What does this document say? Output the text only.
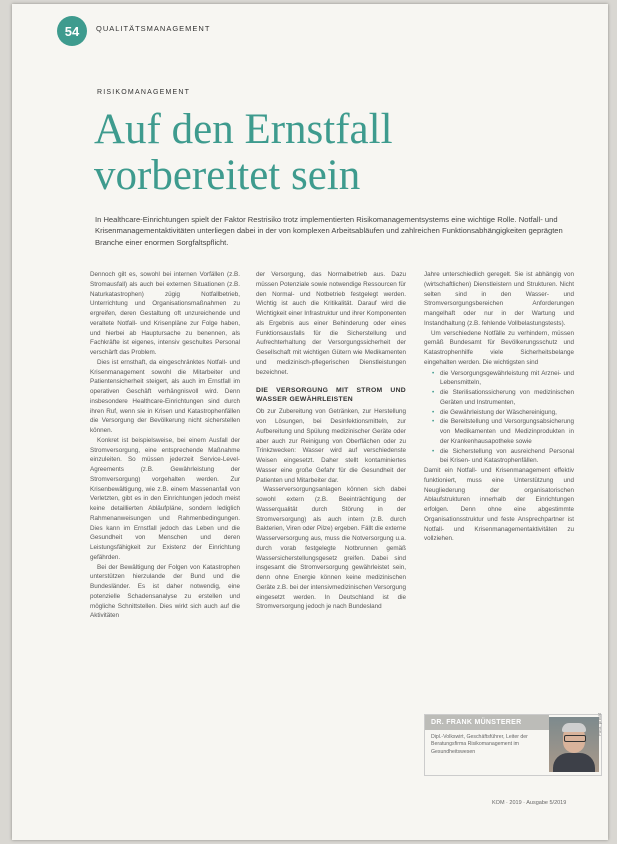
54	QUALITÄTSMANAGEMENT
RISIKOMANAGEMENT
Auf den Ernstfall
vorbereitet sein
In Healthcare-Einrichtungen spielt der Faktor Restrisiko trotz implementierten Risikomanagementsystems eine wichtige Rolle. Notfall- und Krisenmanagementaktivitäten unterliegen dabei in der von komplexen Arbeitsabläufen und zahlreichen Funktionsabhängigkeiten geprägten Branche einer enormen Sorgfaltspflicht.

Dennoch gilt es, sowohl bei internen Vorfällen (z.B. Stromausfall) als auch bei externen Situationen (z.B. Naturkatastrophen) zügig Notfallbetrieb, Unterrichtung und Organisationsmaßnahmen zu ergreifen, deren Gestaltung oft unzureichende und veraltete Notfall- und Krisenpläne zur Folge haben, und hierbei ab Hauptursache zu benennen, als Fachkräfte ist eigenes, intensiv geschultes Personal verschärft das Problem.

Dies ist ernsthaft, da eingeschränktes Notfall- und Krisenmanagement sowohl die Mitarbeiter und Patientensicherheit steigert, als auch im Ernstfall im operativen Geschäft verhängnisvoll wird. Denn insbesondere Healthcare-Einrichtungen sind durch ihren Ruf, wenn sie in Krisen und Katastrophenfällen die Versorgung der Bevölkerung nicht sicherstellen können.

Konkret ist beispielsweise, bei einem Ausfall der Stromversorgung, eine entsprechende Maßnahme einzuleiten. So müssen jederzeit Service-Level-Agreements (z.B. Gewährleistung der Stromversorgung) vorgehalten werden. Zur Krisenbewältigung, wie z.B. einem Massenanfall von Verletzten, gibt es in den Einrichtungen jedoch meist keine detaillierten Abläufpläne, sondern lediglich Rahmenanweisungen und Rahmenbedingungen. Dies kann im Ernstfall jedoch das Leben und die Gesundheit von Menschen und deren Leistungsfähigkeit zur Existenz der Einrichtung gefährden.

Bei der Bewältigung der Folgen von Katastrophen unterstützen hierzulande der Bund und die Bundesländer. Es ist daher notwendig, eine potenzielle Schadensanalyse zu erstellen und mögliche Schnittstellen. Dies wirkt sich auch auf die Aktivitäten

der Versorgung, das Normalbetrieb aus. Dazu müssen Potenziale sowie notwendige Ressourcen für den Normal- und Notbetrieb festgelegt werden. Wichtig ist auch die Kritikalität. Darauf wird die Wichtigkeit einer Infrastruktur und ihrer Komponenten als Ergebnis aus einer Behinderung oder eines Funktionsausfalls für die Sicherstellung und Aufrechterhaltung der Versorgungssicherheit der Gesellschaft mit wichtigen Gütern wie Medikamenten und medizinisch-pflegerischen Dienstleistungen bezeichnet.

DIE VERSORGUNG MIT STROM UND WASSER GEWÄHRLEISTEN

Ob zur Zubereitung von Getränken, zur Herstellung von Lösungen, bei Desinfektionsmitteln, zur Aufbereitung und Spülung medizinischer Geräte oder aber auch zur Reinigung von Oberflächen oder zu Trinkzwecken: Wasser wird auf verschiedenste Weisen eingesetzt. Daher stellt kontaminiertes Wasser eine große Gefahr für die Gesundheit der Patienten und Mitarbeiter dar.

Wasserversorgungsanlagen können sich dabei sowohl extern (z.B. Beeinträchtigung der Wasserqualität durch Störung in der Stromversorgung) als auch intern (z.B. durch Bakterien, Viren oder Pilze) ergeben. Fällt die externe Wasserversorgung aus, muss die Notversorgung u.a. durch vorab festgelegte Notbrunnen gemäß Wassersicherstellungsgesetz greifen. Dabei sind insgesamt die Stromversorgung gewährleistet sein, denn ohne Energie können keine medizinischen Geräte z.B. bei der intensivmedizinischen Versorgung eingesetzt werden. In Deutschland ist die Stromversorgung jedoch je nach Bundesland

Jahre unterschiedlich geregelt. Sie ist abhängig von (wirtschaftlichen) Dienstleistern und Strukturen. Nicht selten sind in den Wasser- und Stromversorgungsbereichen Anforderungen mangelhaft oder nur in der Wartung und Instandhaltung (z.B. fehlende Vollbelastungstests).

Um verschiedene Notfälle zu verhindern, müssen gemäß Bundesamt für Bevölkerungsschutz und Katastrophenhilfe viele Sicherheitsbelange eingehalten werden. Die wichtigsten sind

• die Versorgungsgewährleistung mit Arznei- und Lebensmitteln,
• die Sterilisationssicherung von medizinischen Geräten und Instrumenten,
• die Gewährleistung der Wäschereinigung,
• die Bereitstellung und Versorgungsabsicherung von Medikamenten und Medizinprodukten in der Krankenhausapotheke sowie
• die Sicherstellung von ausreichend Personal bei Krisen- und Katastrophenfällen.

Damit ein Notfall- und Krisenmanagement effektiv funktioniert, muss eine Unterstützung und Neugliederung der organisatorischen Ablaufstrukturen innerhalb der Einrichtungen erfolgen. Denn ohne eine abgestimmte Organisationsstruktur und feste Ansprechpartner ist Notfall- und Krisenmanagementaktivitäten zu vollziehen.

DR. FRANK MÜNSTERER
Dipl.-Volkswirt, Geschäftsführer, Leiter der Beratungsfirma Risikomanagement im Gesundheitswesen
Foto: privat
KOM · 2019 · Ausgabe 5/2019
